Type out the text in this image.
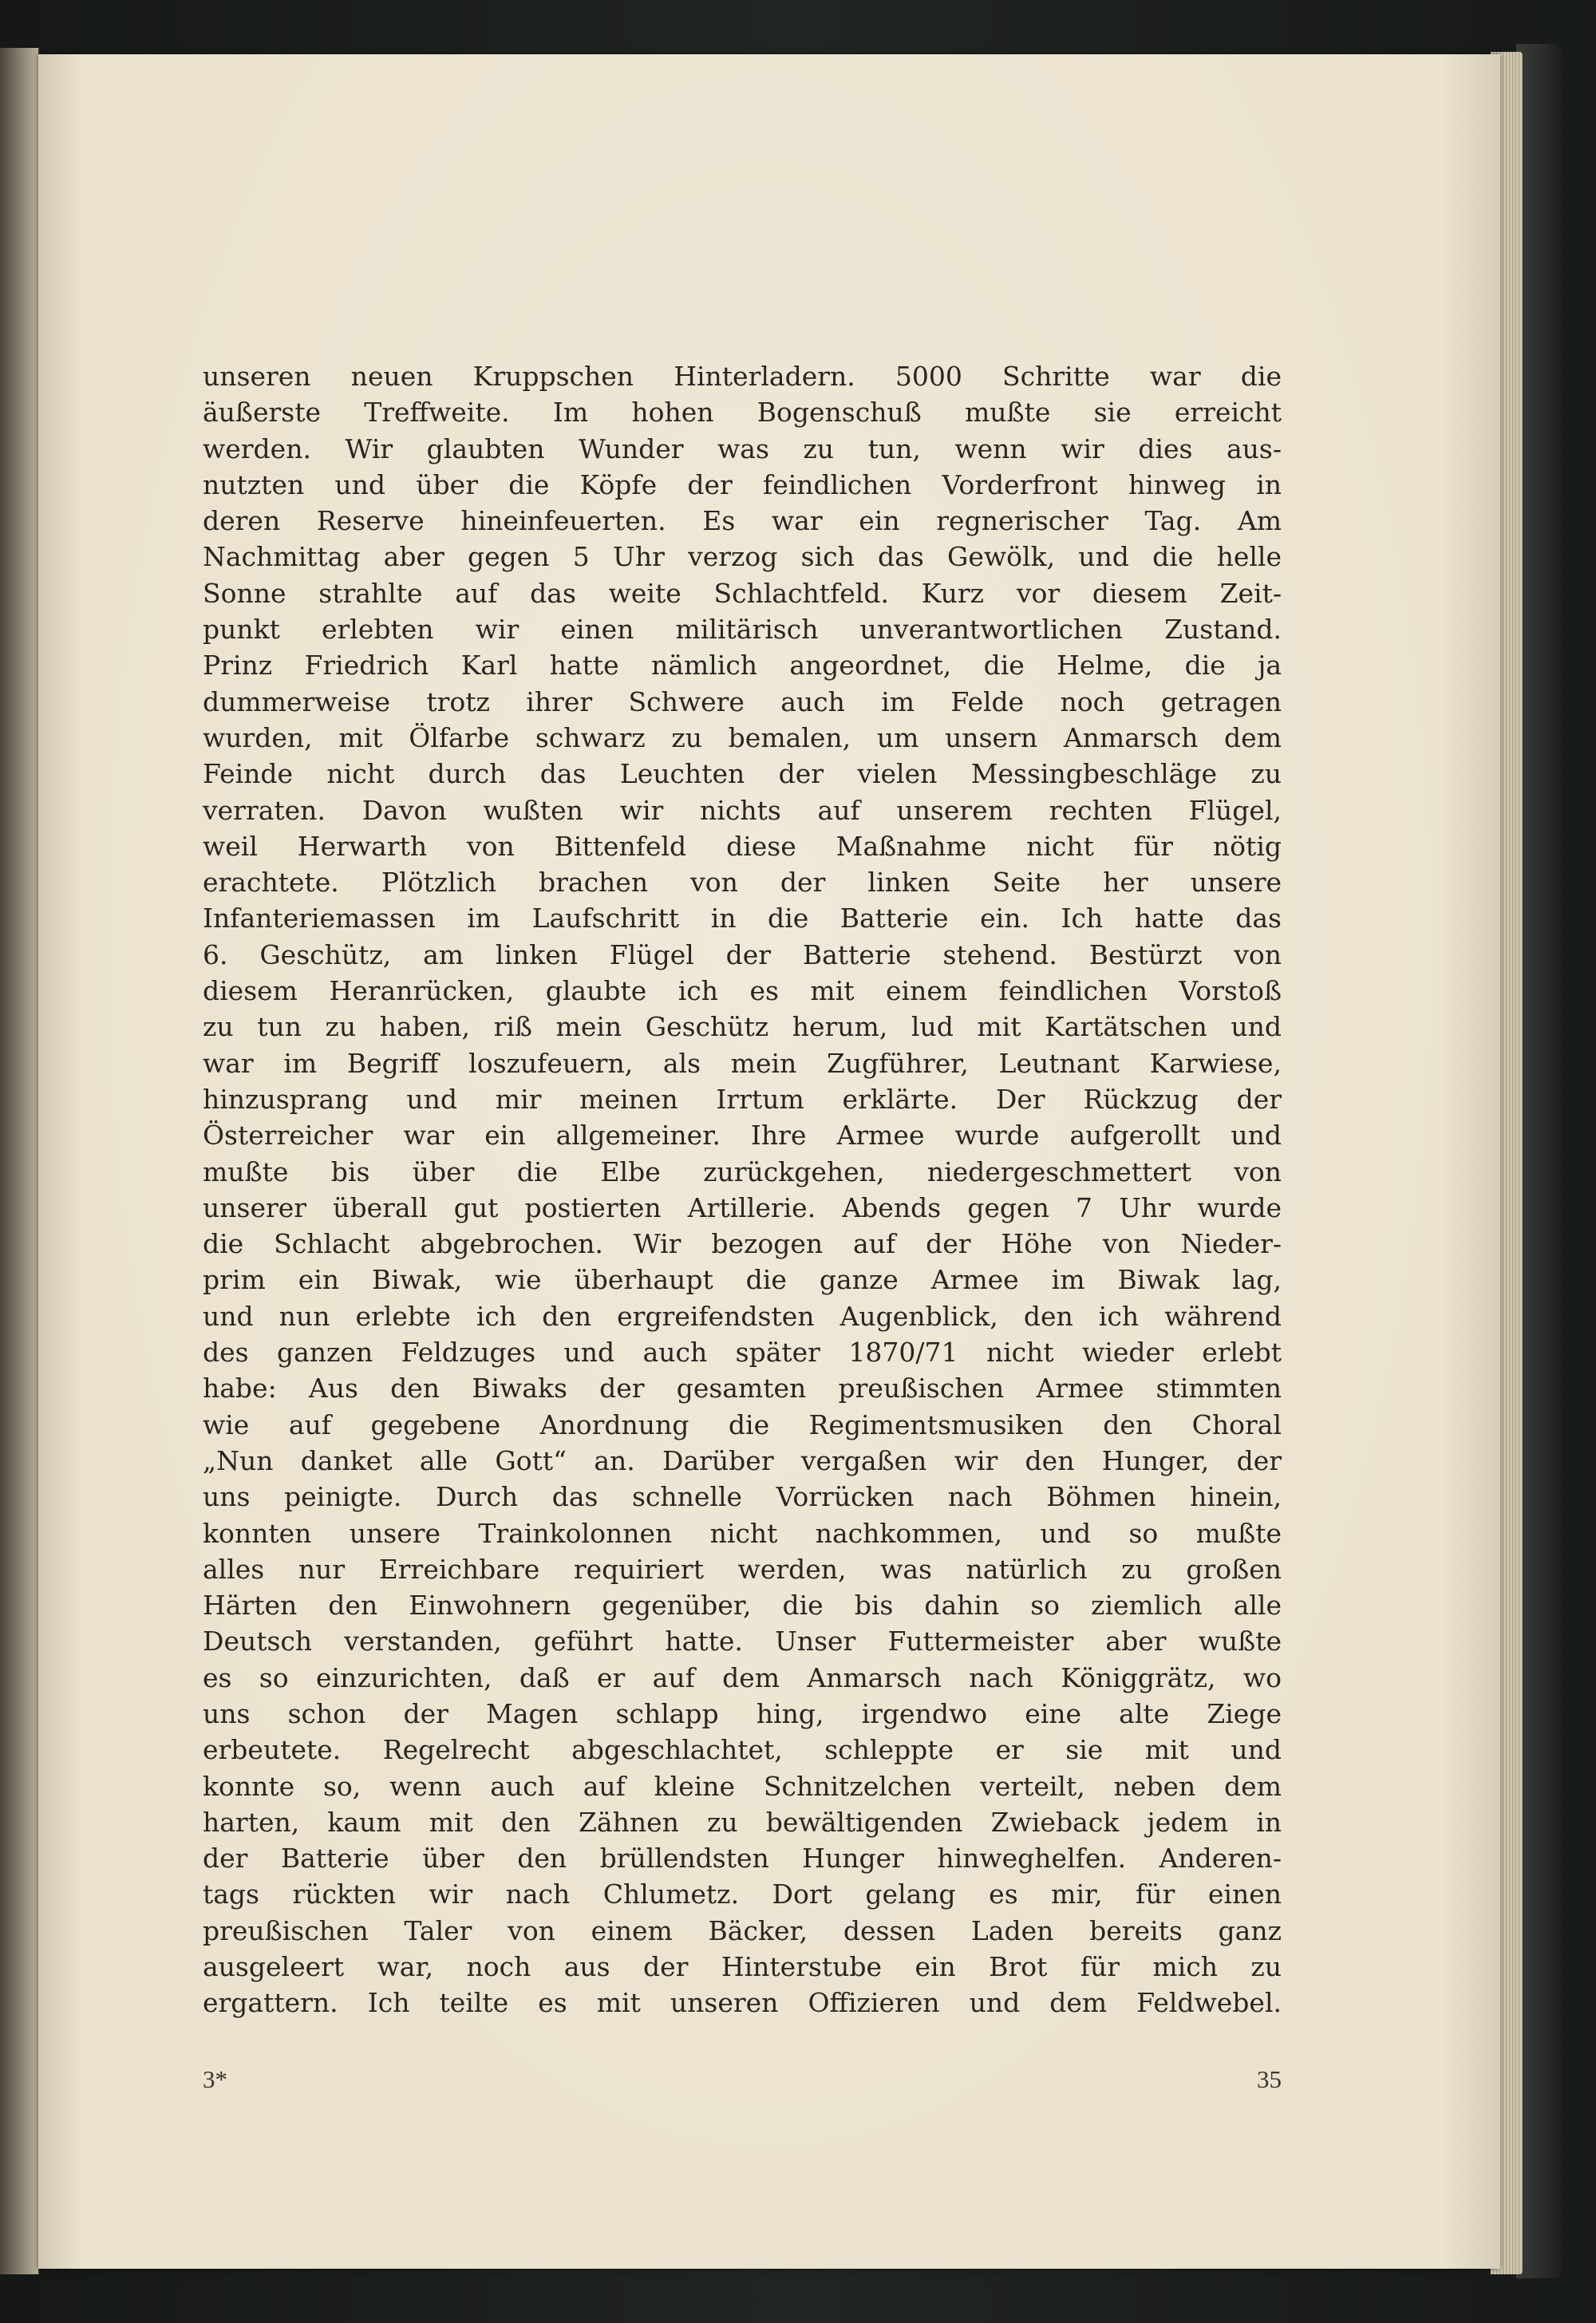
unseren neuen Kruppschen Hinterladern. 5000 Schritte war die
äußerste Treffweite. Im hohen Bogenschuß mußte sie erreicht
werden. Wir glaubten Wunder was zu tun, wenn wir dies aus-
nutzten und über die Köpfe der feindlichen Vorderfront hinweg in
deren Reserve hineinfeuerten. Es war ein regnerischer Tag. Am
Nachmittag aber gegen 5 Uhr verzog sich das Gewölk, und die helle
Sonne strahlte auf das weite Schlachtfeld. Kurz vor diesem Zeit-
punkt erlebten wir einen militärisch unverantwortlichen Zustand.
Prinz Friedrich Karl hatte nämlich angeordnet, die Helme, die ja
dummerweise trotz ihrer Schwere auch im Felde noch getragen
wurden, mit Ölfarbe schwarz zu bemalen, um unsern Anmarsch dem
Feinde nicht durch das Leuchten der vielen Messingbeschläge zu
verraten. Davon wußten wir nichts auf unserem rechten Flügel,
weil Herwarth von Bittenfeld diese Maßnahme nicht für nötig
erachtete. Plötzlich brachen von der linken Seite her unsere
Infanteriemassen im Laufschritt in die Batterie ein. Ich hatte das
6. Geschütz, am linken Flügel der Batterie stehend. Bestürzt von
diesem Heranrücken, glaubte ich es mit einem feindlichen Vorstoß
zu tun zu haben, riß mein Geschütz herum, lud mit Kartätschen und
war im Begriff loszufeuern, als mein Zugführer, Leutnant Karwiese,
hinzusprang und mir meinen Irrtum erklärte. Der Rückzug der
Österreicher war ein allgemeiner. Ihre Armee wurde aufgerollt und
mußte bis über die Elbe zurückgehen, niedergeschmettert von
unserer überall gut postierten Artillerie. Abends gegen 7 Uhr wurde
die Schlacht abgebrochen. Wir bezogen auf der Höhe von Nieder-
prim ein Biwak, wie überhaupt die ganze Armee im Biwak lag,
und nun erlebte ich den ergreifendsten Augenblick, den ich während
des ganzen Feldzuges und auch später 1870/71 nicht wieder erlebt
habe: Aus den Biwaks der gesamten preußischen Armee stimmten
wie auf gegebene Anordnung die Regimentsmusiken den Choral
„Nun danket alle Gott“ an. Darüber vergaßen wir den Hunger, der
uns peinigte. Durch das schnelle Vorrücken nach Böhmen hinein,
konnten unsere Trainkolonnen nicht nachkommen, und so mußte
alles nur Erreichbare requiriert werden, was natürlich zu großen
Härten den Einwohnern gegenüber, die bis dahin so ziemlich alle
Deutsch verstanden, geführt hatte. Unser Futtermeister aber wußte
es so einzurichten, daß er auf dem Anmarsch nach Königgrätz, wo
uns schon der Magen schlapp hing, irgendwo eine alte Ziege
erbeutete. Regelrecht abgeschlachtet, schleppte er sie mit und
konnte so, wenn auch auf kleine Schnitzelchen verteilt, neben dem
harten, kaum mit den Zähnen zu bewältigenden Zwieback jedem in
der Batterie über den brüllendsten Hunger hinweghelfen. Anderen-
tags rückten wir nach Chlumetz. Dort gelang es mir, für einen
preußischen Taler von einem Bäcker, dessen Laden bereits ganz
ausgeleert war, noch aus der Hinterstube ein Brot für mich zu
ergattern. Ich teilte es mit unseren Offizieren und dem Feldwebel.
3*	35
